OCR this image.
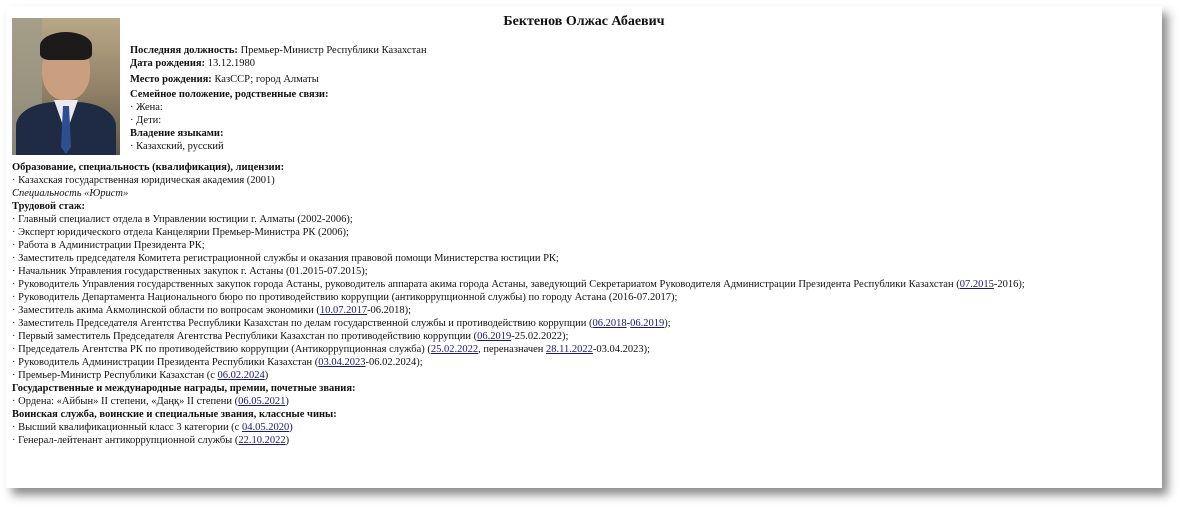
Бектенов Олжас Абаевич
Последняя должность: Премьер-Министр Республики Казахстан
Дата рождения: 13.12.1980
Место рождения: КазССР; город Алматы
Семейное положение, родственные связи:
· Жена:
· Дети:
Владение языками:
· Казахский, русский
Образование, специальность (квалификация), лицензии:
· Казахская государственная юридическая академия (2001)
Специальность «Юрист»
Трудовой стаж:
· Главный специалист отдела в Управлении юстиции г. Алматы (2002-2006);
· Эксперт юридического отдела Канцелярии Премьер-Министра РК (2006);
· Работа в Администрации Президента РК;
· Заместитель председателя Комитета регистрационной службы и оказания правовой помощи Министерства юстиции РК;
· Начальник Управления государственных закупок г. Астаны (01.2015-07.2015);
· Руководитель Управления государственных закупок города Астаны, руководитель аппарата акима города Астаны, заведующий Секретариатом Руководителя Администрации Президента Республики Казахстан (07.2015-2016);
· Руководитель Департамента Национального бюро по противодействию коррупции (антикоррупционной службы) по городу Астана (2016-07.2017);
· Заместитель акима Акмолинской области по вопросам экономики (10.07.2017-06.2018);
· Заместитель Председателя Агентства Республики Казахстан по делам государственной службы и противодействию коррупции (06.2018-06.2019);
· Первый заместитель Председателя Агентства Республики Казахстан по противодействию коррупции (06.2019-25.02.2022);
· Председатель Агентства РК по противодействию коррупции (Антикоррупционная служба) (25.02.2022, переназначен 28.11.2022-03.04.2023);
· Руководитель Администрации Президента Республики Казахстан (03.04.2023-06.02.2024);
· Премьер-Министр Республики Казахстан (с 06.02.2024)
Государственные и международные награды, премии, почетные звания:
· Ордена: «Айбын» II степени, «Даңқ» II степени (06.05.2021)
Воинская служба, воинские и специальные звания, классные чины:
· Высший квалификационный класс 3 категории (с 04.05.2020)
· Генерал-лейтенант антикоррупционной службы (22.10.2022)
